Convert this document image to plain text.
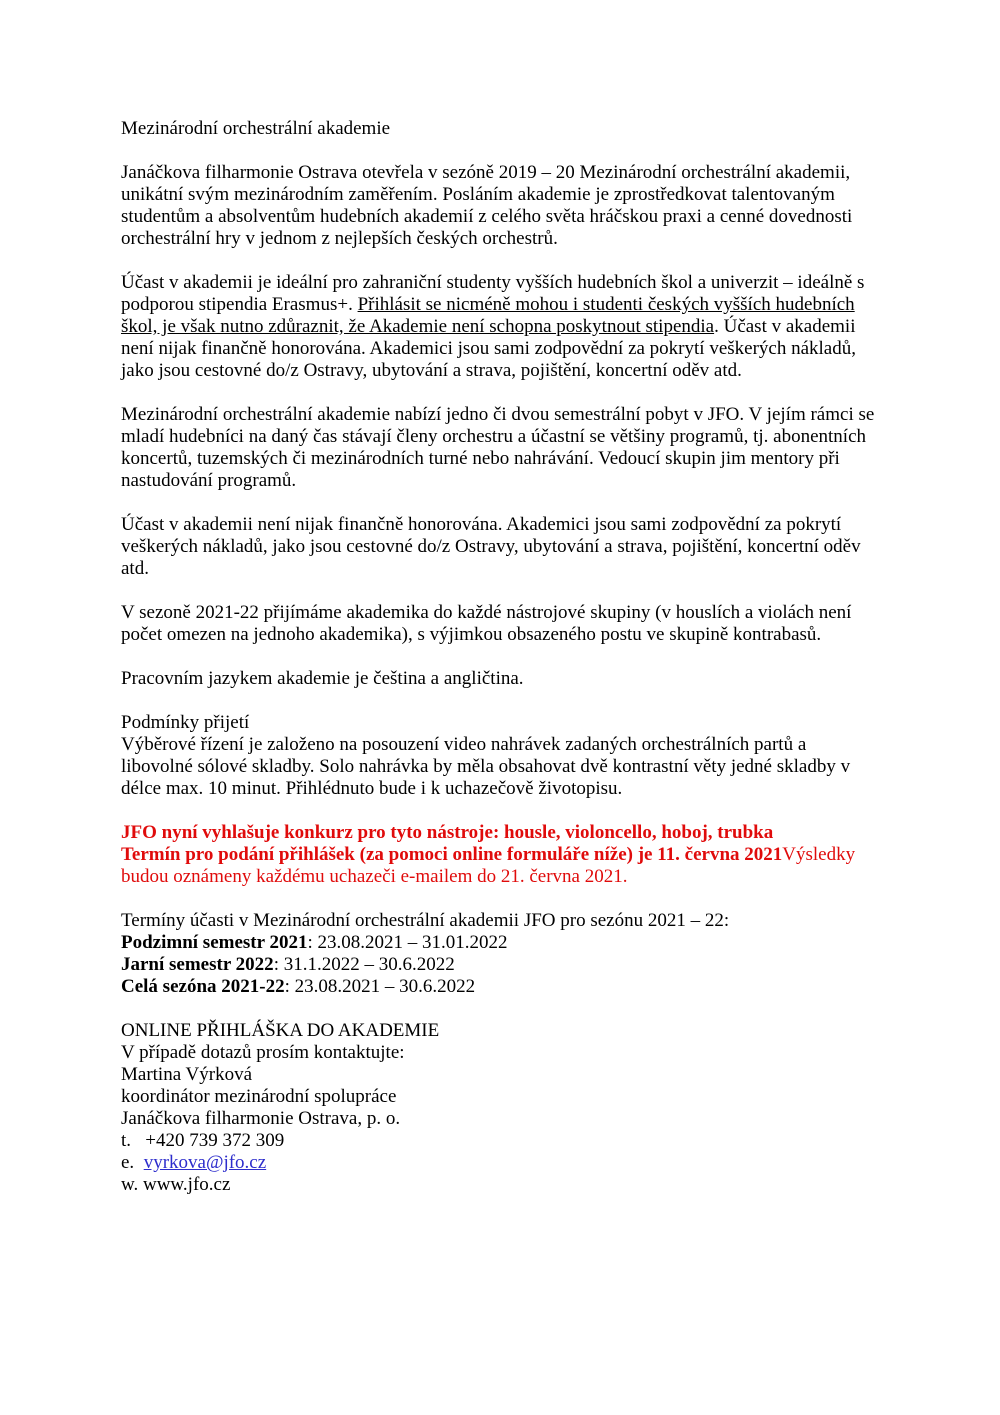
Mezinárodní orchestrální akademie

Janáčkova filharmonie Ostrava otevřela v sezóně 2019 – 20 Mezinárodní orchestrální akademii, unikátní svým mezinárodním zaměřením. Posláním akademie je zprostředkovat talentovaným studentům a absolventům hudebních akademií z celého světa hráčskou praxi a cenné dovednosti orchestrální hry v jednom z nejlepších českých orchestrů.

Účast v akademii je ideální pro zahraniční studenty vyšších hudebních škol a univerzit – ideálně s podporou stipendia Erasmus+. Přihlásit se nicméně mohou i studenti českých vyšších hudebních škol, je však nutno zdůraznit, že Akademie není schopna poskytnout stipendia. Účast v akademii není nijak finančně honorována. Akademici jsou sami zodpovědní za pokrytí veškerých nákladů, jako jsou cestovné do/z Ostravy, ubytování a strava, pojištění, koncertní oděv atd.

Mezinárodní orchestrální akademie nabízí jedno či dvou semestrální pobyt v JFO. V jejím rámci se mladí hudebníci na daný čas stávají členy orchestru a účastní se většiny programů, tj. abonentních koncertů, tuzemských či mezinárodních turné nebo nahrávání. Vedoucí skupin jim mentory při nastudování programů.

Účast v akademii není nijak finančně honorována. Akademici jsou sami zodpovědní za pokrytí veškerých nákladů, jako jsou cestovné do/z Ostravy, ubytování a strava, pojištění, koncertní oděv atd.

V sezoně 2021-22 přijímáme akademika do každé nástrojové skupiny (v houslích a violách není počet omezen na jednoho akademika), s výjimkou obsazeného postu ve skupině kontrabasů.

Pracovním jazykem akademie je čeština a angličtina.

Podmínky přijetí

Výběrové řízení je založeno na posouzení video nahrávek zadaných orchestrálních partů a libovolné sólové skladby. Solo nahrávka by měla obsahovat dvě kontrastní věty jedné skladby v délce max. 10 minut. Přihlédnuto bude i k uchazečově životopisu.

JFO nyní vyhlašuje konkurz pro tyto nástroje: housle, violoncello, hoboj, trubka
Termín pro podání přihlášek (za pomoci online formuláře níže) je 11. června 2021Výsledky budou oznámeny každému uchazeči e-mailem do 21. června 2021.

Termíny účasti v Mezinárodní orchestrální akademii JFO pro sezónu 2021 – 22:

Podzimní semestr 2021: 23.08.2021 – 31.01.2022

Jarní semestr 2022: 31.1.2022 – 30.6.2022

Celá sezóna 2021-22: 23.08.2021 – 30.6.2022

ONLINE PŘIHLÁŠKA DO AKADEMIE

V případě dotazů prosím kontaktujte:

Martina Výrková

koordinátor mezinárodní spolupráce

Janáčkova filharmonie Ostrava, p. o.

t.   +420 739 372 309

e.  vyrkova@jfo.cz

w. www.jfo.cz
